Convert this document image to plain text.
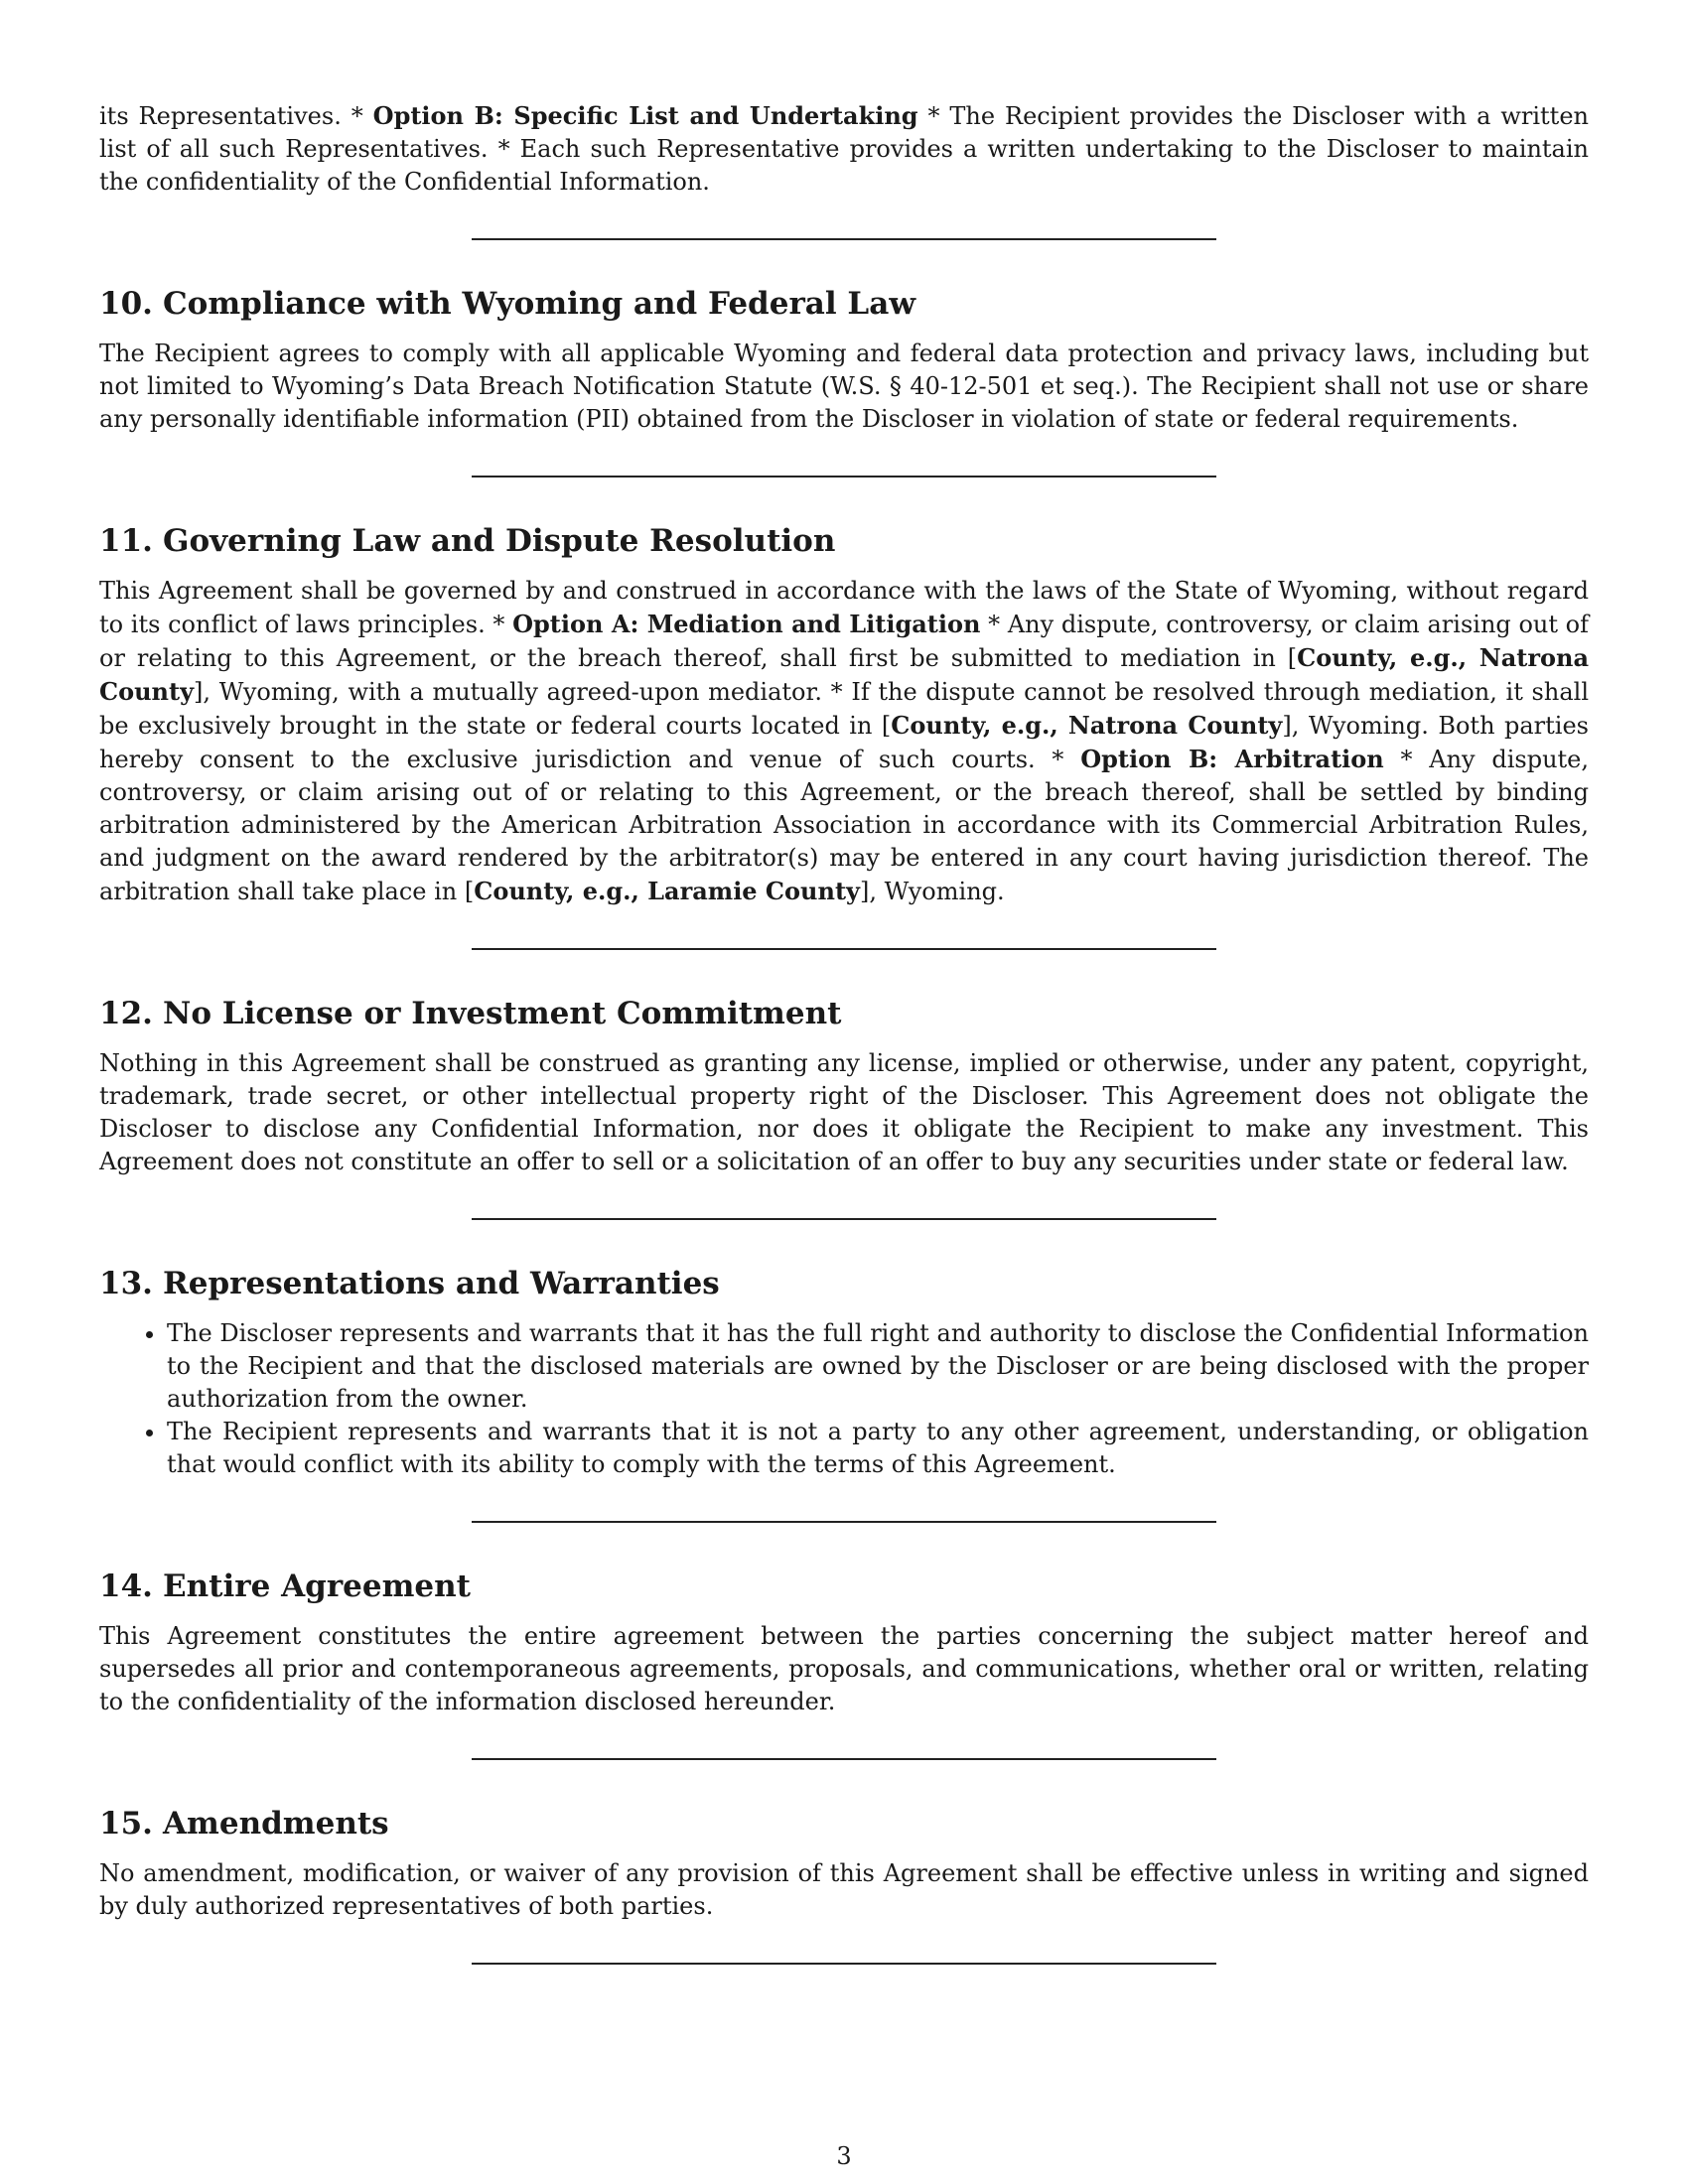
its Representatives. * Option B: Specific List and Undertaking * The Recipient provides the Discloser with a written list of all such Representatives. * Each such Representative provides a written undertaking to the Discloser to maintain the confidentiality of the Confidential Information.

10. Compliance with Wyoming and Federal Law

The Recipient agrees to comply with all applicable Wyoming and federal data protection and privacy laws, including but not limited to Wyoming’s Data Breach Notification Statute (W.S. § 40-12-501 et seq.). The Recipient shall not use or share any personally identifiable information (PII) obtained from the Discloser in violation of state or federal requirements.

11. Governing Law and Dispute Resolution

This Agreement shall be governed by and construed in accordance with the laws of the State of Wyoming, without regard to its conflict of laws principles. * Option A: Mediation and Litigation * Any dispute, controversy, or claim arising out of or relating to this Agreement, or the breach thereof, shall first be submitted to mediation in [County, e.g., Natrona County], Wyoming, with a mutually agreed-upon mediator. * If the dispute cannot be resolved through mediation, it shall be exclusively brought in the state or federal courts located in [County, e.g., Natrona County], Wyoming. Both parties hereby consent to the exclusive jurisdiction and venue of such courts. * Option B: Arbitration * Any dispute, controversy, or claim arising out of or relating to this Agreement, or the breach thereof, shall be settled by binding arbitration administered by the American Arbitration Association in accordance with its Commercial Arbitration Rules, and judgment on the award rendered by the arbitrator(s) may be entered in any court having jurisdiction thereof. The arbitration shall take place in [County, e.g., Laramie County], Wyoming.

12. No License or Investment Commitment

Nothing in this Agreement shall be construed as granting any license, implied or otherwise, under any patent, copyright, trademark, trade secret, or other intellectual property right of the Discloser. This Agreement does not obligate the Discloser to disclose any Confidential Information, nor does it obligate the Recipient to make any investment. This Agreement does not constitute an offer to sell or a solicitation of an offer to buy any securities under state or federal law.

13. Representations and Warranties
• The Discloser represents and warrants that it has the full right and authority to disclose the Confidential Information to the Recipient and that the disclosed materials are owned by the Discloser or are being disclosed with the proper authorization from the owner.
• The Recipient represents and warrants that it is not a party to any other agreement, understanding, or obligation that would conflict with its ability to comply with the terms of this Agreement.
14. Entire Agreement

This Agreement constitutes the entire agreement between the parties concerning the subject matter hereof and supersedes all prior and contemporaneous agreements, proposals, and communications, whether oral or written, relating to the confidentiality of the information disclosed hereunder.

15. Amendments

No amendment, modification, or waiver of any provision of this Agreement shall be effective unless in writing and signed by duly authorized representatives of both parties.

3
